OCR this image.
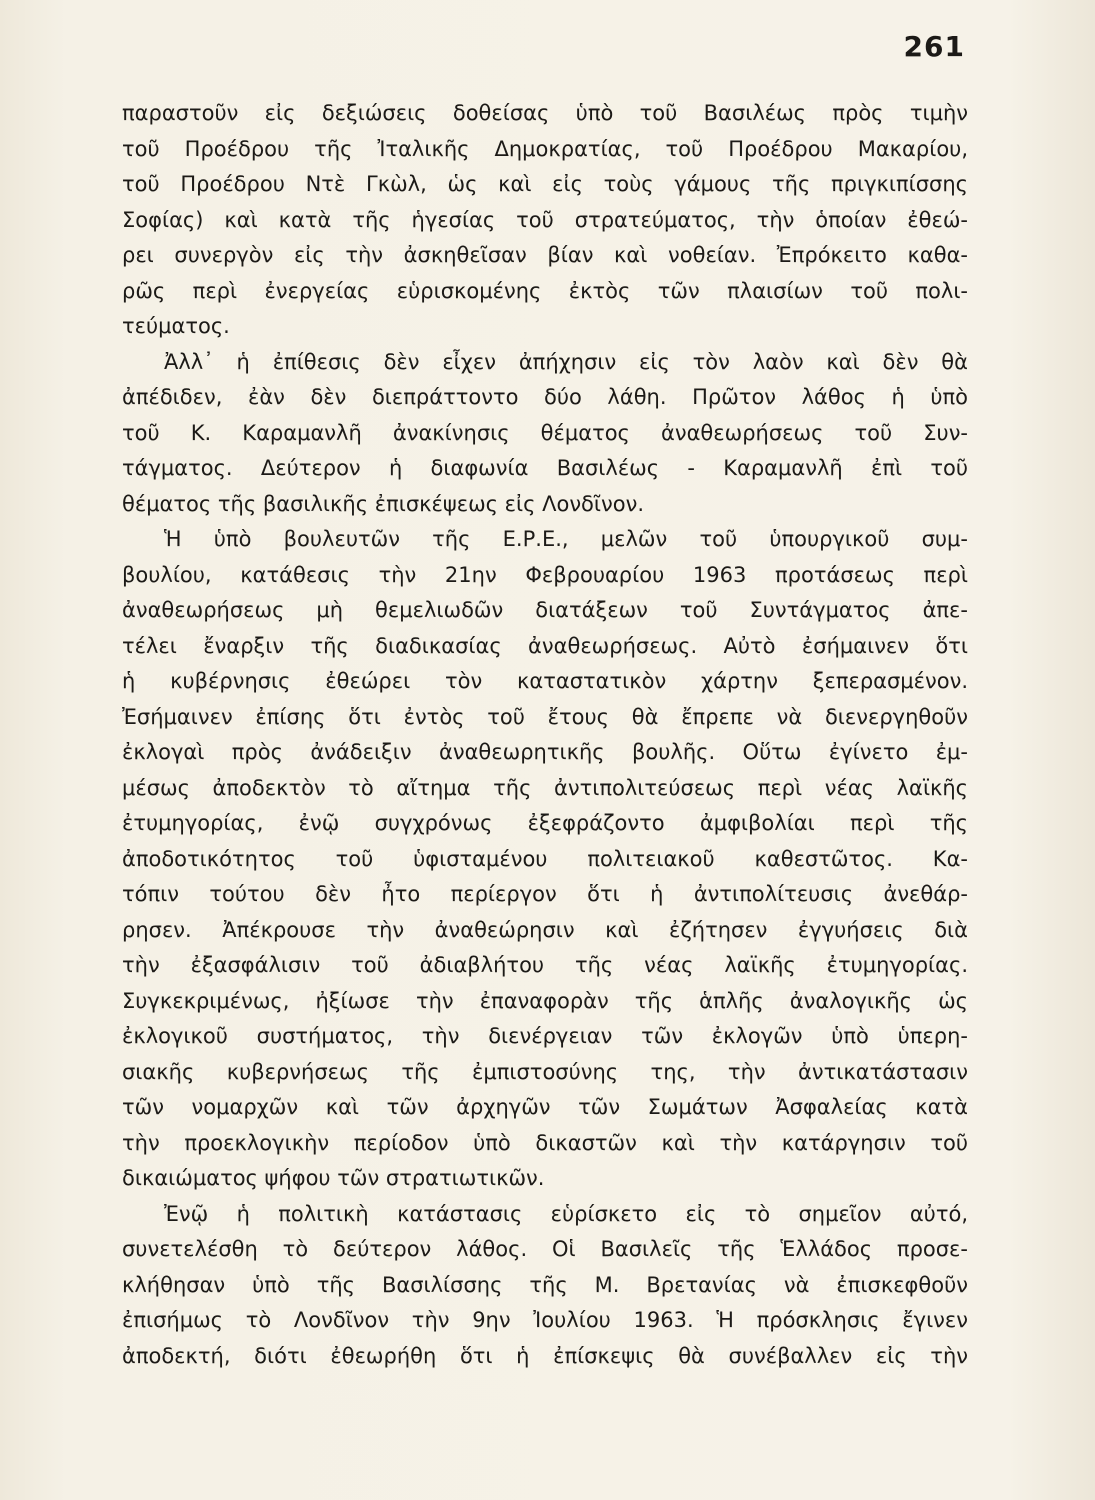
261
παραστοῦν εἰς δεξιώσεις δοθείσας ὑπὸ τοῦ Βασιλέως πρὸς τιμὴν
τοῦ Προέδρου τῆς Ἰταλικῆς Δημοκρατίας, τοῦ Προέδρου Μακαρίου,
τοῦ Προέδρου Ντὲ Γκὼλ, ὡς καὶ εἰς τοὺς γάμους τῆς πριγκιπίσσης
Σοφίας) καὶ κατὰ τῆς ἡγεσίας τοῦ στρατεύματος, τὴν ὁποίαν ἐθεώ-
ρει συνεργὸν εἰς τὴν ἀσκηθεῖσαν βίαν καὶ νοθείαν. Ἐπρόκειτο καθα-
ρῶς περὶ ἐνεργείας εὑρισκομένης ἐκτὸς τῶν πλαισίων τοῦ πολι-
τεύματος.
Ἀλλ᾽ ἡ ἐπίθεσις δὲν εἶχεν ἀπήχησιν εἰς τὸν λαὸν καὶ δὲν θὰ
ἀπέδιδεν, ἐὰν δὲν διεπράττοντο δύο λάθη. Πρῶτον λάθος ἡ ὑπὸ
τοῦ Κ. Καραμανλῆ ἀνακίνησις θέματος ἀναθεωρήσεως τοῦ Συν-
τάγματος. Δεύτερον ἡ διαφωνία Βασιλέως - Καραμανλῆ ἐπὶ τοῦ
θέματος τῆς βασιλικῆς ἐπισκέψεως εἰς Λονδῖνον.
Ἡ ὑπὸ βουλευτῶν τῆς Ε.Ρ.Ε., μελῶν τοῦ ὑπουργικοῦ συμ-
βουλίου, κατάθεσις τὴν 21ην Φεβρουαρίου 1963 προτάσεως περὶ
ἀναθεωρήσεως μὴ θεμελιωδῶν διατάξεων τοῦ Συντάγματος ἀπε-
τέλει ἔναρξιν τῆς διαδικασίας ἀναθεωρήσεως. Αὐτὸ ἐσήμαινεν ὅτι
ἡ κυβέρνησις ἐθεώρει τὸν καταστατικὸν χάρτην ξεπερασμένον.
Ἐσήμαινεν ἐπίσης ὅτι ἐντὸς τοῦ ἔτους θὰ ἔπρεπε νὰ διενεργηθοῦν
ἐκλογαὶ πρὸς ἀνάδειξιν ἀναθεωρητικῆς βουλῆς. Οὕτω ἐγίνετο ἐμ-
μέσως ἀποδεκτὸν τὸ αἴτημα τῆς ἀντιπολιτεύσεως περὶ νέας λαϊκῆς
ἐτυμηγορίας, ἐνῷ συγχρόνως ἐξεφράζοντο ἀμφιβολίαι περὶ τῆς
ἀποδοτικότητος τοῦ ὑφισταμένου πολιτειακοῦ καθεστῶτος. Κα-
τόπιν τούτου δὲν ἦτο περίεργον ὅτι ἡ ἀντιπολίτευσις ἀνεθάρ-
ρησεν. Ἀπέκρουσε τὴν ἀναθεώρησιν καὶ ἐζήτησεν ἐγγυήσεις διὰ
τὴν ἐξασφάλισιν τοῦ ἀδιαβλήτου τῆς νέας λαϊκῆς ἐτυμηγορίας.
Συγκεκριμένως, ἠξίωσε τὴν ἐπαναφορὰν τῆς ἁπλῆς ἀναλογικῆς ὡς
ἐκλογικοῦ συστήματος, τὴν διενέργειαν τῶν ἐκλογῶν ὑπὸ ὑπερη-
σιακῆς κυβερνήσεως τῆς ἐμπιστοσύνης της, τὴν ἀντικατάστασιν
τῶν νομαρχῶν καὶ τῶν ἀρχηγῶν τῶν Σωμάτων Ἀσφαλείας κατὰ
τὴν προεκλογικὴν περίοδον ὑπὸ δικαστῶν καὶ τὴν κατάργησιν τοῦ
δικαιώματος ψήφου τῶν στρατιωτικῶν.
Ἐνῷ ἡ πολιτικὴ κατάστασις εὑρίσκετο εἰς τὸ σημεῖον αὐτό,
συνετελέσθη τὸ δεύτερον λάθος. Οἱ Βασιλεῖς τῆς Ἑλλάδος προσε-
κλήθησαν ὑπὸ τῆς Βασιλίσσης τῆς Μ. Βρετανίας νὰ ἐπισκεφθοῦν
ἐπισήμως τὸ Λονδῖνον τὴν 9ην Ἰουλίου 1963. Ἡ πρόσκλησις ἔγινεν
ἀποδεκτή, διότι ἐθεωρήθη ὅτι ἡ ἐπίσκεψις θὰ συνέβαλλεν εἰς τὴν
